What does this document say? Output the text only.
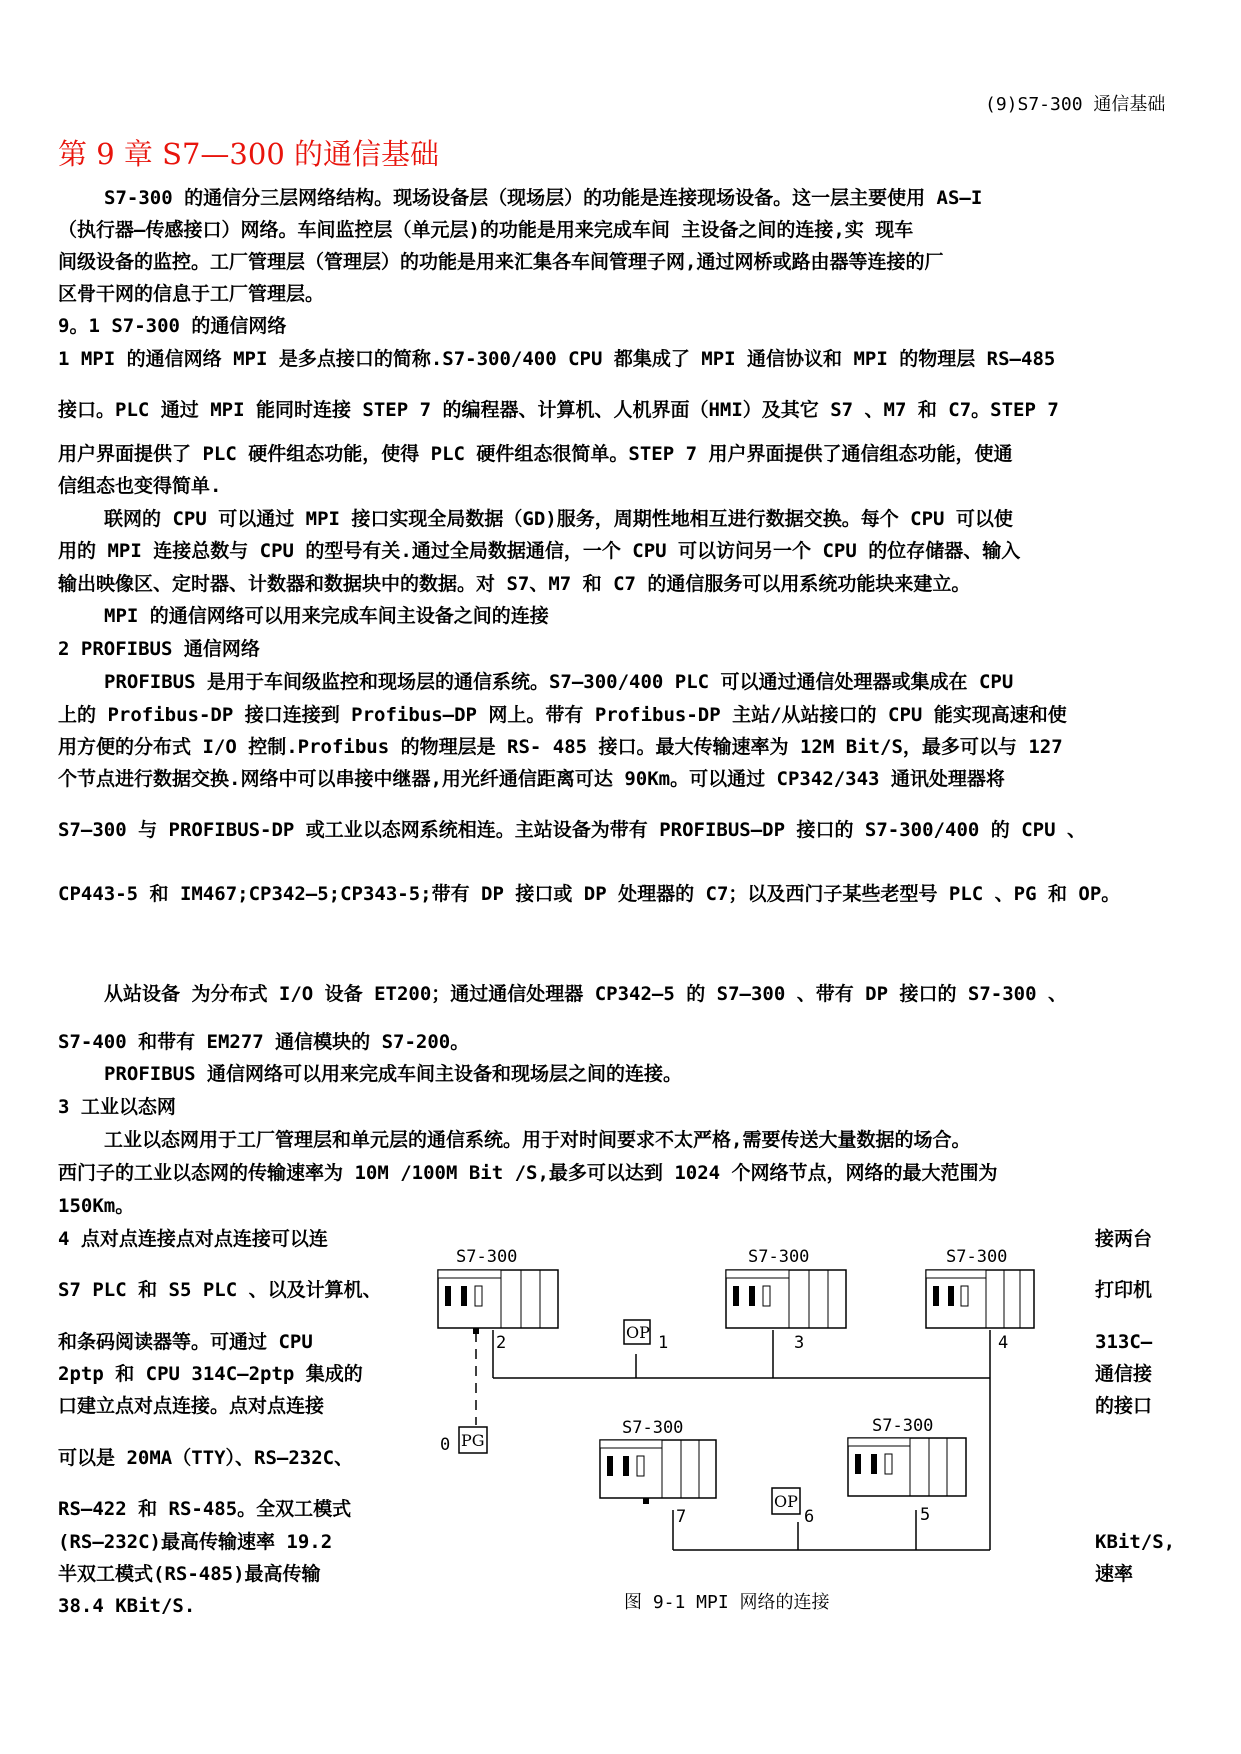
(9)S7-300 通信基础
第 9 章 S7—300 的通信基础
S7-300 的通信分三层网络结构。现场设备层（现场层）的功能是连接现场设备。这一层主要使用 AS—I
（执行器—传感接口）网络。车间监控层（单元层)的功能是用来完成车间 主设备之间的连接,实 现车
间级设备的监控。工厂管理层（管理层）的功能是用来汇集各车间管理子网,通过网桥或路由器等连接的厂
区骨干网的信息于工厂管理层。
9。1 S7-300 的通信网络
1 MPI 的通信网络 MPI 是多点接口的简称.S7-300/400 CPU 都集成了 MPI 通信协议和 MPI 的物理层 RS—485
接口。PLC 通过 MPI 能同时连接 STEP 7 的编程器、计算机、人机界面（HMI）及其它 S7 、M7 和 C7。STEP 7
用户界面提供了 PLC 硬件组态功能，使得 PLC 硬件组态很简单。STEP 7 用户界面提供了通信组态功能，使通
信组态也变得简单.
联网的 CPU 可以通过 MPI 接口实现全局数据（GD)服务，周期性地相互进行数据交换。每个 CPU 可以使
用的 MPI 连接总数与 CPU 的型号有关.通过全局数据通信，一个 CPU 可以访问另一个 CPU 的位存储器、输入
输出映像区、定时器、计数器和数据块中的数据。对 S7、M7 和 C7 的通信服务可以用系统功能块来建立。
MPI 的通信网络可以用来完成车间主设备之间的连接
2 PROFIBUS 通信网络
PROFIBUS 是用于车间级监控和现场层的通信系统。S7—300/400 PLC 可以通过通信处理器或集成在 CPU
上的 Profibus-DP 接口连接到 Profibus—DP 网上。带有 Profibus-DP 主站/从站接口的 CPU 能实现高速和使
用方便的分布式 I/O 控制.Profibus 的物理层是 RS- 485 接口。最大传输速率为 12M Bit/S，最多可以与 127
个节点进行数据交换.网络中可以串接中继器,用光纤通信距离可达 90Km。可以通过 CP342/343 通讯处理器将
S7—300 与 PROFIBUS-DP 或工业以态网系统相连。主站设备为带有 PROFIBUS—DP 接口的 S7-300/400 的 CPU 、
CP443-5 和 IM467;CP342—5;CP343-5;带有 DP 接口或 DP 处理器的 C7；以及西门子某些老型号 PLC 、PG 和 OP。
从站设备 为分布式 I/O 设备 ET200；通过通信处理器 CP342—5 的 S7—300 、带有 DP 接口的 S7-300 、
S7-400 和带有 EM277 通信模块的 S7-200。
PROFIBUS 通信网络可以用来完成车间主设备和现场层之间的连接。
3 工业以态网
工业以态网用于工厂管理层和单元层的通信系统。用于对时间要求不太严格,需要传送大量数据的场合。
西门子的工业以态网的传输速率为 10M /100M Bit /S,最多可以达到 1024 个网络节点，网络的最大范围为
150Km。
4 点对点连接点对点连接可以连
S7 PLC 和 S5 PLC 、以及计算机、
和条码阅读器等。可通过 CPU
2ptp 和 CPU 314C—2ptp 集成的
口建立点对点连接。点对点连接
可以是 20MA（TTY）、RS—232C、
RS—422 和 RS-485。全双工模式
(RS—232C)最高传输速率 19.2
半双工模式(RS-485)最高传输
38.4 KBit/S.
接两台
打印机
313C—
通信接
的接口
KBit/S,
速率
S7-300
2
OP
1
S7-300
3
S7-300
4
0 PG
S7-300
7
OP
6
S7-300
5
图 9-1 MPI 网络的连接
